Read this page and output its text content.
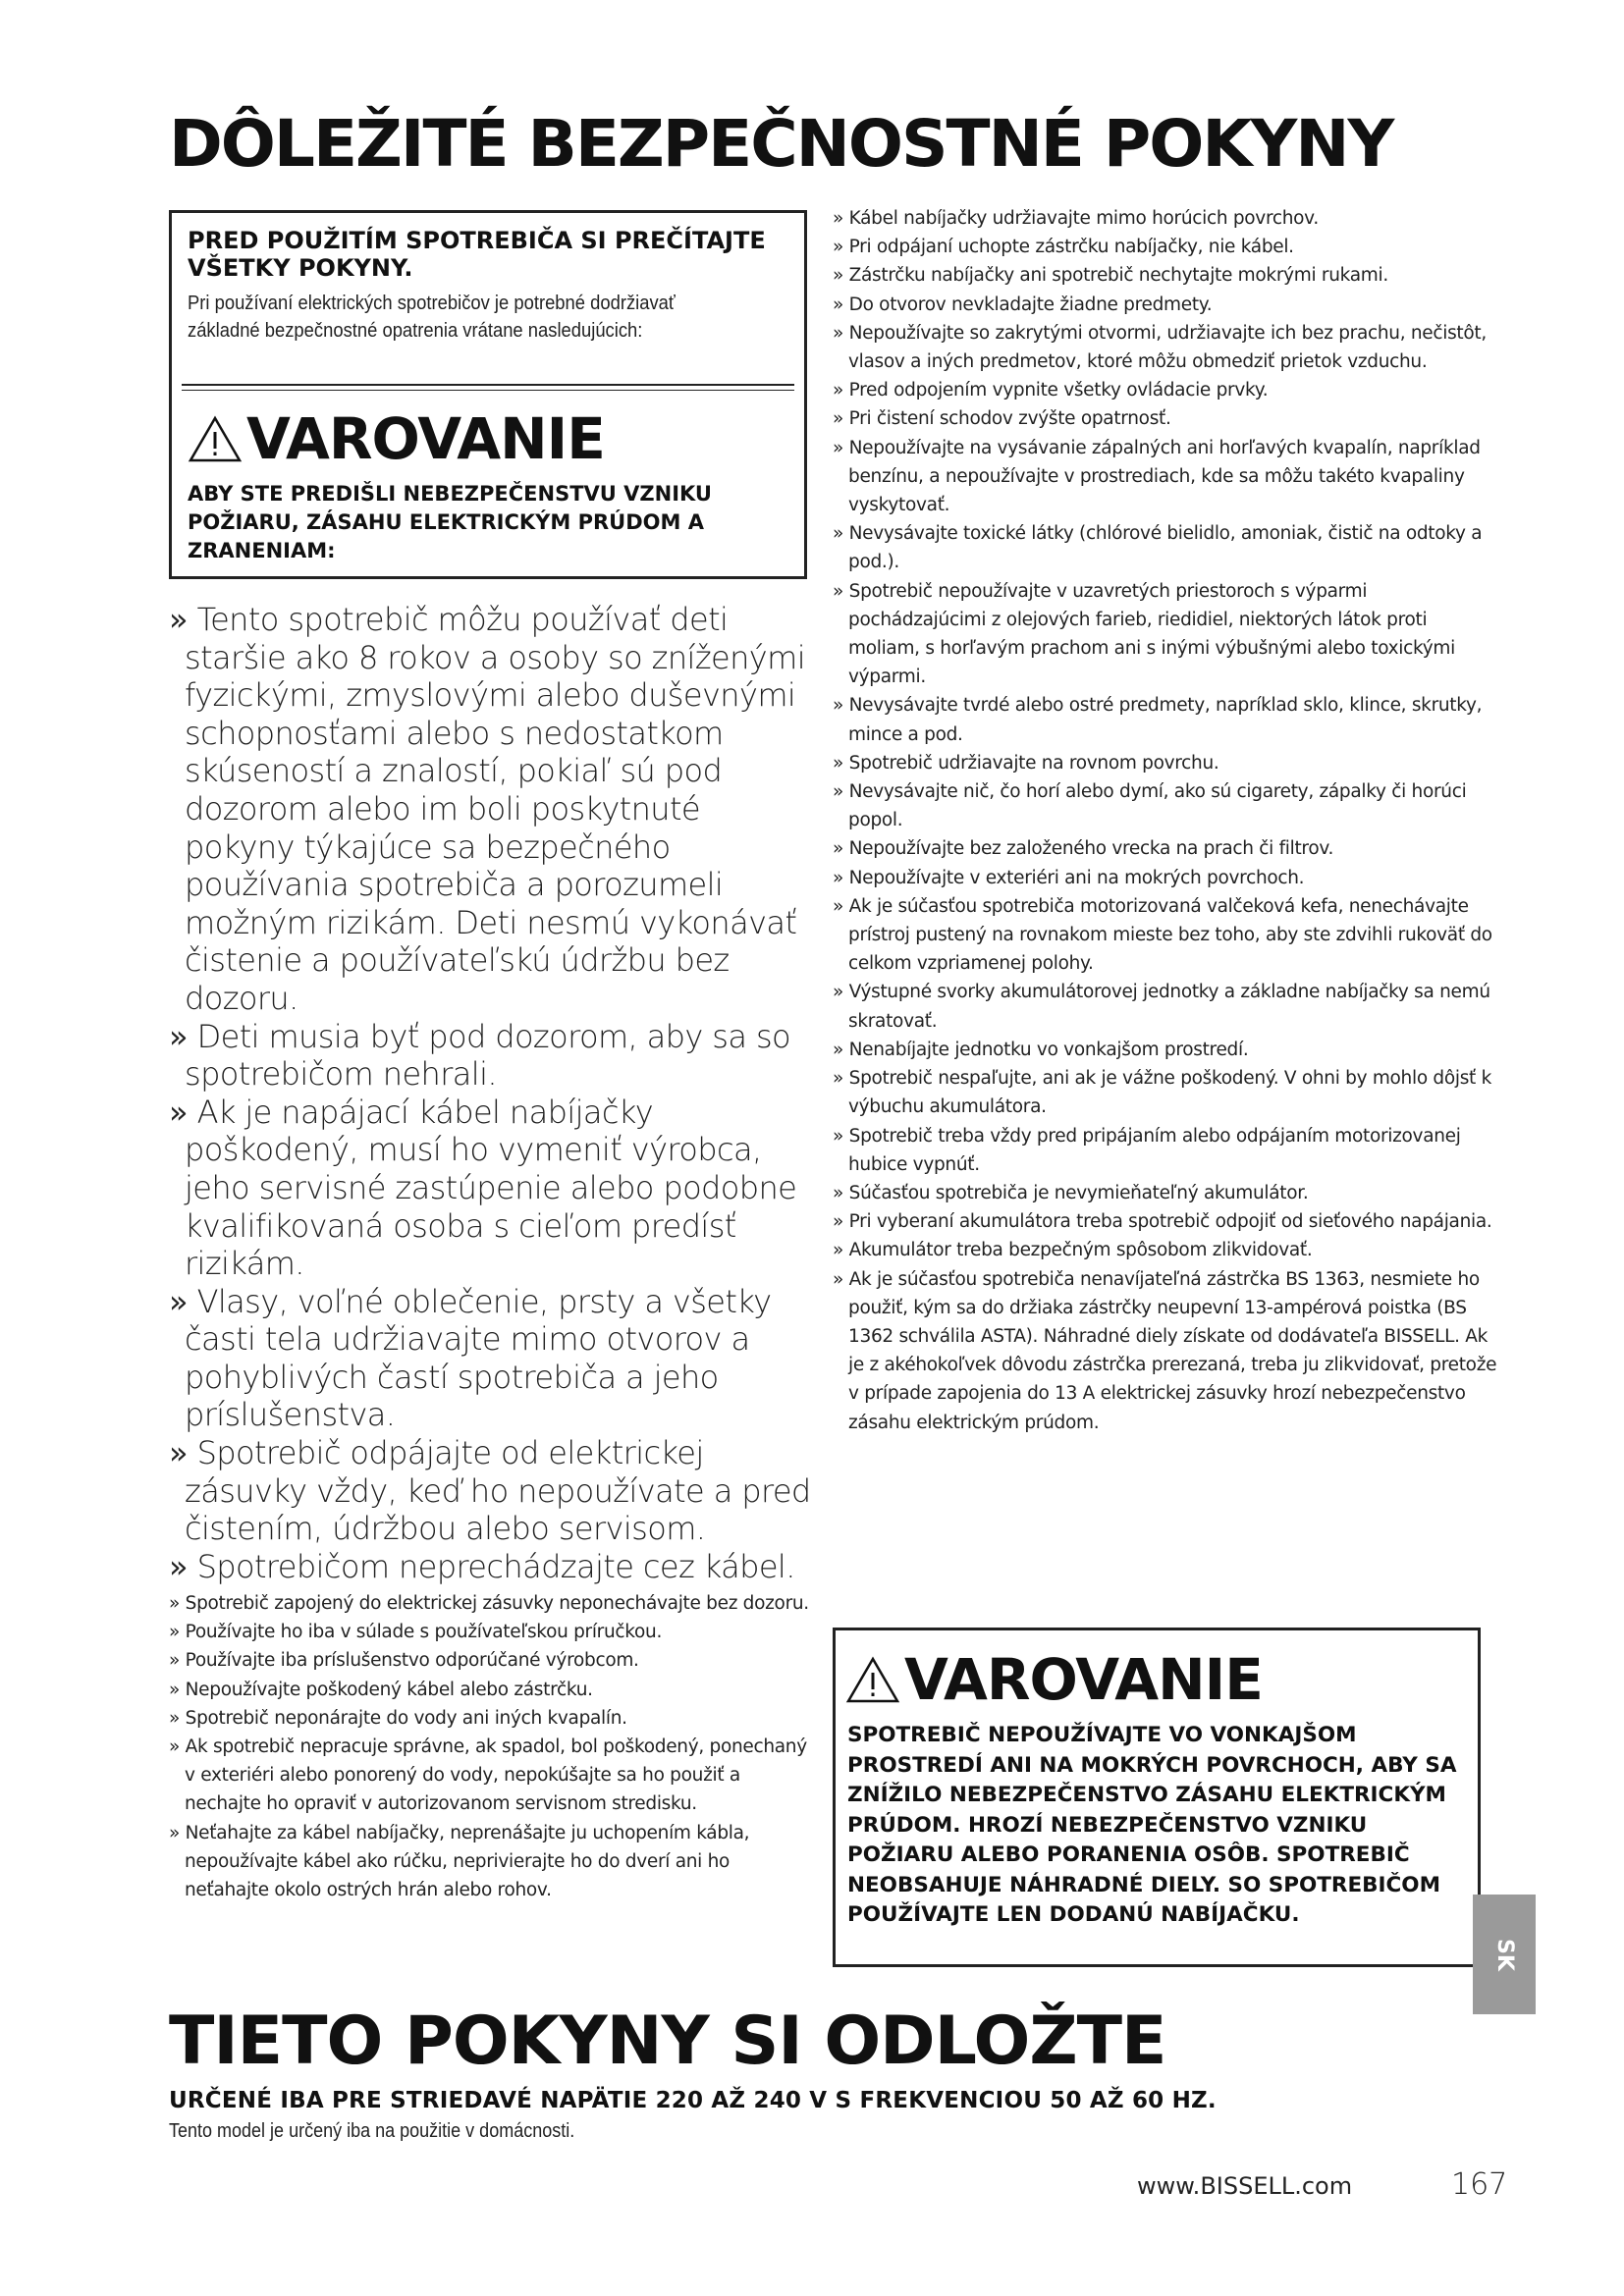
DÔLEŽITÉ BEZPEČNOSTNÉ POKYNY

PRED POUŽITÍM SPOTREBIČA SI PREČÍTAJTE VŠETKY POKYNY.

Pri používaní elektrických spotrebičov je potrebné dodržiavať základné bezpečnostné opatrenia vrátane nasledujúcich:

VAROVANIE

ABY STE PREDIŠLI NEBEZPEČENSTVU VZNIKU POŽIARU, ZÁSAHU ELEKTRICKÝM PRÚDOM A ZRANENIAM:

» Tento spotrebič môžu používať deti staršie ako 8 rokov a osoby so zníženými fyzickými, zmyslovými alebo duševnými schopnosťami alebo s nedostatkom skúseností a znalostí, pokiaľ sú pod dozorom alebo im boli poskytnuté pokyny týkajúce sa bezpečného používania spotrebiča a porozumeli možným rizikám. Deti nesmú vykonávať čistenie a používateľskú údržbu bez dozoru.
» Deti musia byť pod dozorom, aby sa so spotrebičom nehrali.
» Ak je napájací kábel nabíjačky poškodený, musí ho vymeniť výrobca, jeho servisné zastúpenie alebo podobne kvalifikovaná osoba s cieľom predísť rizikám.
» Vlasy, voľné oblečenie, prsty a všetky časti tela udržiavajte mimo otvorov a pohyblivých častí spotrebiča a jeho príslušenstva.
» Spotrebič odpájajte od elektrickej zásuvky vždy, keď ho nepoužívate a pred čistením, údržbou alebo servisom.
» Spotrebičom neprechádzajte cez kábel.
» Spotrebič zapojený do elektrickej zásuvky neponechávajte bez dozoru.
» Používajte ho iba v súlade s používateľskou príručkou.
» Používajte iba príslušenstvo odporúčané výrobcom.
» Nepoužívajte poškodený kábel alebo zástrčku.
» Spotrebič neponárajte do vody ani iných kvapalín.
» Ak spotrebič nepracuje správne, ak spadol, bol poškodený, ponechaný v exteriéri alebo ponorený do vody, nepokúšajte sa ho použiť a nechajte ho opraviť v autorizovanom servisnom stredisku.
» Neťahajte za kábel nabíjačky, neprenášajte ju uchopením kábla, nepoužívajte kábel ako rúčku, neprivierajte ho do dverí ani ho neťahajte okolo ostrých hrán alebo rohov.
» Kábel nabíjačky udržiavajte mimo horúcich povrchov.
» Pri odpájaní uchopte zástrčku nabíjačky, nie kábel.
» Zástrčku nabíjačky ani spotrebič nechytajte mokrými rukami.
» Do otvorov nevkladajte žiadne predmety.
» Nepoužívajte so zakrytými otvormi, udržiavajte ich bez prachu, nečistôt, vlasov a iných predmetov, ktoré môžu obmedziť prietok vzduchu.
» Pred odpojením vypnite všetky ovládacie prvky.
» Pri čistení schodov zvýšte opatrnosť.
» Nepoužívajte na vysávanie zápalných ani horľavých kvapalín, napríklad benzínu, a nepoužívajte v prostrediach, kde sa môžu takéto kvapaliny vyskytovať.
» Nevysávajte toxické látky (chlórové bielidlo, amoniak, čistič na odtoky a pod.).
» Spotrebič nepoužívajte v uzavretých priestoroch s výparmi pochádzajúcimi z olejových farieb, riedidiel, niektorých látok proti moliam, s horľavým prachom ani s inými výbušnými alebo toxickými výparmi.
» Nevysávajte tvrdé alebo ostré predmety, napríklad sklo, klince, skrutky, mince a pod.
» Spotrebič udržiavajte na rovnom povrchu.
» Nevysávajte nič, čo horí alebo dymí, ako sú cigarety, zápalky či horúci popol.
» Nepoužívajte bez založeného vrecka na prach či filtrov.
» Nepoužívajte v exteriéri ani na mokrých povrchoch.
» Ak je súčasťou spotrebiča motorizovaná valčeková kefa, nenechávajte prístroj pustený na rovnakom mieste bez toho, aby ste zdvihli rukoväť do celkom vzpriamenej polohy.
» Výstupné svorky akumulátorovej jednotky a základne nabíjačky sa nemú skratovať.
» Nenabíjajte jednotku vo vonkajšom prostredí.
» Spotrebič nespaľujte, ani ak je vážne poškodený. V ohni by mohlo dôjsť k výbuchu akumulátora.
» Spotrebič treba vždy pred pripájaním alebo odpájaním motorizovanej hubice vypnúť.
» Súčasťou spotrebiča je nevymieňateľný akumulátor.
» Pri vyberaní akumulátora treba spotrebič odpojiť od sieťového napájania.
» Akumulátor treba bezpečným spôsobom zlikvidovať.
» Ak je súčasťou spotrebiča nenavíjateľná zástrčka BS 1363, nesmiete ho použiť, kým sa do držiaka zástrčky neupevní 13-ampérová poistka (BS 1362 schválila ASTA). Náhradné diely získate od dodávateľa BISSELL. Ak je z akéhokoľvek dôvodu zástrčka prerezaná, treba ju zlikvidovať, pretože v prípade zapojenia do 13 A elektrickej zásuvky hrozí nebezpečenstvo zásahu elektrickým prúdom.
VAROVANIE

SPOTREBIČ NEPOUŽÍVAJTE VO VONKAJŠOM PROSTREDÍ ANI NA MOKRÝCH POVRCHOCH, ABY SA ZNÍŽILO NEBEZPEČENSTVO ZÁSAHU ELEKTRICKÝM PRÚDOM. HROZÍ NEBEZPEČENSTVO VZNIKU POŽIARU ALEBO PORANENIA OSÔB. SPOTREBIČ NEOBSAHUJE NÁHRADNÉ DIELY. SO SPOTREBIČOM POUŽÍVAJTE LEN DODANÚ NABÍJAČKU.

SK
TIETO POKYNY SI ODLOŽTE

URČENÉ IBA PRE STRIEDAVÉ NAPÄTIE 220 AŽ 240 V S FREKVENCIOU 50 AŽ 60 HZ.

Tento model je určený iba na použitie v domácnosti.

www.BISSELL.com	167
